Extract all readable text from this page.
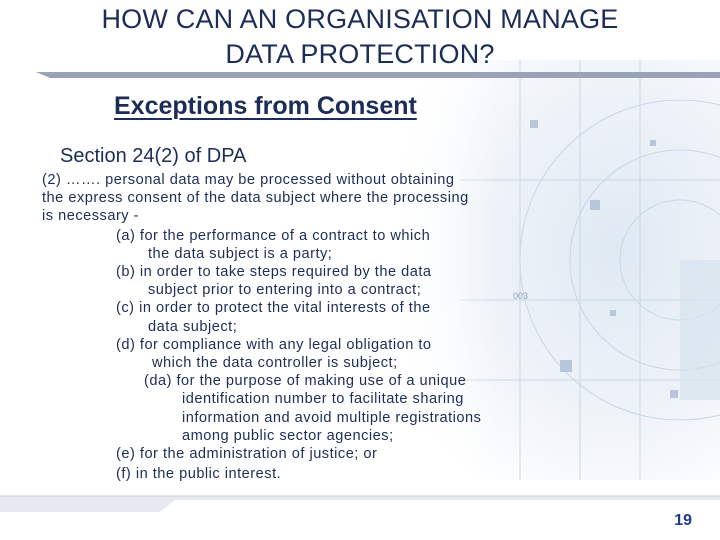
003
HOW CAN AN ORGANISATION MANAGE
DATA PROTECTION?
Exceptions from Consent
Section 24(2) of DPA
(2) ……. personal data may be processed without obtaining
the express consent of the data subject where the processing
is necessary -
(a) for the performance of a contract to which
the data subject is a party;
(b) in order to take steps required by the data
subject prior to entering into a contract;
(c) in order to protect the vital interests of the
data subject;
(d) for compliance with any legal obligation to
which the data controller is subject;
(da) for the purpose of making use of a unique
identification number to facilitate sharing
information and avoid multiple registrations
among public sector agencies;
(e) for the administration of justice; or
(f) in the public interest.
19
